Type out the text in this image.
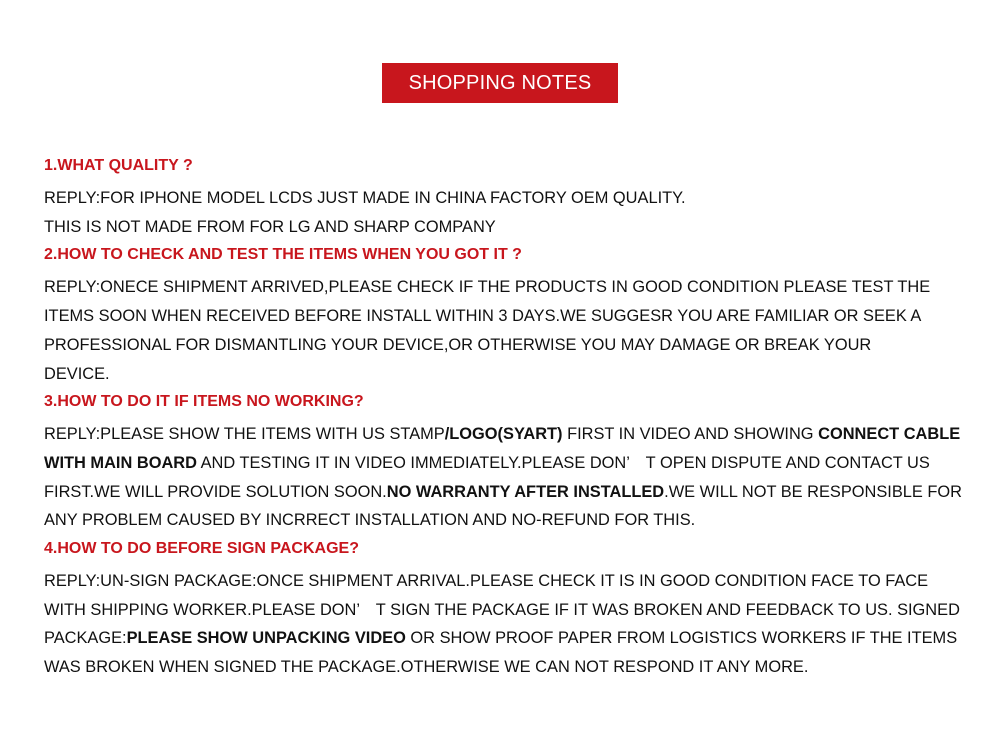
SHOPPING NOTES
1.WHAT QUALITY ?
REPLY:FOR IPHONE MODEL LCDS JUST MADE IN CHINA FACTORY OEM QUALITY.
THIS IS NOT MADE FROM FOR LG AND SHARP COMPANY
2.HOW TO CHECK AND TEST THE ITEMS WHEN YOU GOT IT ?
REPLY:ONECE SHIPMENT ARRIVED,PLEASE CHECK IF THE PRODUCTS IN GOOD CONDITION PLEASE TEST THE
ITEMS SOON WHEN RECEIVED BEFORE INSTALL WITHIN 3 DAYS.WE SUGGESR YOU ARE FAMILIAR OR SEEK A
PROFESSIONAL FOR DISMANTLING YOUR DEVICE,OR OTHERWISE YOU MAY DAMAGE OR BREAK YOUR
DEVICE.
3.HOW TO DO IT IF ITEMS NO WORKING?
REPLY:PLEASE SHOW THE ITEMS WITH US STAMP/LOGO(SYART) FIRST IN VIDEO AND SHOWING CONNECT CABLE WITH MAIN BOARD AND TESTING IT IN VIDEO IMMEDIATELY.PLEASE DON’　T OPEN DISPUTE AND CONTACT US FIRST.WE WILL PROVIDE SOLUTION SOON.NO WARRANTY AFTER INSTALLED.WE WILL NOT BE RESPONSIBLE FOR ANY PROBLEM CAUSED BY INCRRECT INSTALLATION AND NO-REFUND FOR THIS.
4.HOW TO DO BEFORE SIGN PACKAGE?
REPLY:UN-SIGN PACKAGE:ONCE SHIPMENT ARRIVAL.PLEASE CHECK IT IS IN GOOD CONDITION FACE TO FACE WITH SHIPPING WORKER.PLEASE DON’　T SIGN THE PACKAGE IF IT WAS BROKEN AND FEEDBACK TO US. SIGNED PACKAGE:PLEASE SHOW UNPACKING VIDEO OR SHOW PROOF PAPER FROM LOGISTICS WORKERS IF THE ITEMS WAS BROKEN WHEN SIGNED THE PACKAGE.OTHERWISE WE CAN NOT RESPOND IT ANY MORE.
